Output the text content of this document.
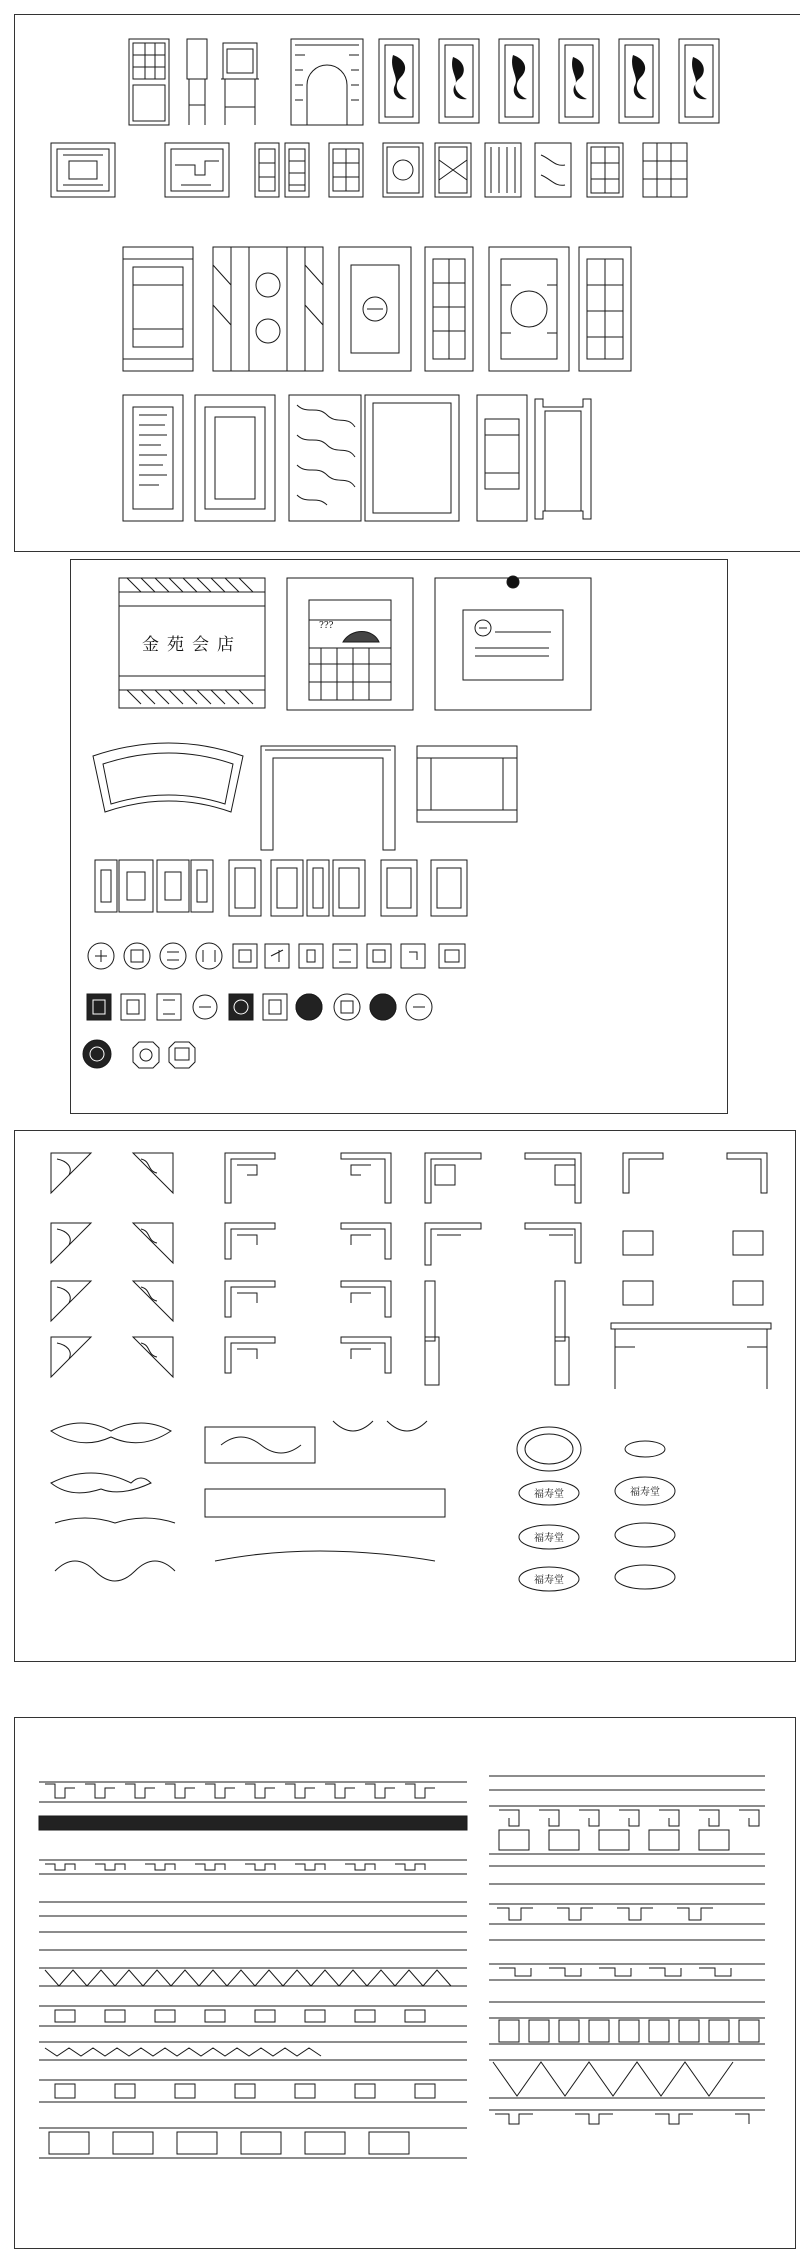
金苑会店
???
福寿堂	福寿堂
福寿堂
福寿堂
